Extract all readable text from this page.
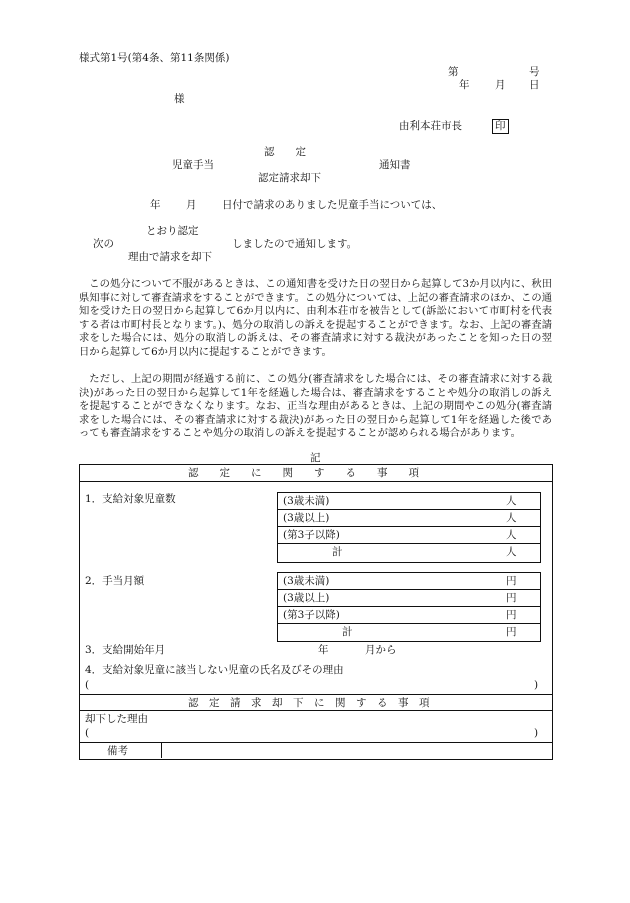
様式第1号(第4条、第11条関係)
第	号
年 月 日
様
由利本荘市長	印
認　　定
児童手当	通知書
認定請求却下
年 月 日付で請求のありました児童手当については、
とおり認定
次の	しましたので通知します。
理由で請求を却下
この処分について不服があるときは、この通知書を受けた日の翌日から起算して3か月以内に、秋田県知事に対して審査請求をすることができます。この処分については、上記の審査請求のほか、この通知を受けた日の翌日から起算して6か月以内に、由利本荘市を被告として(訴訟において市町村を代表する者は市町村長となります。)、処分の取消しの訴えを提起することができます。なお、上記の審査請求をした場合には、処分の取消しの訴えは、その審査請求に対する裁決があったことを知った日の翌日から起算して6か月以内に提起することができます。
ただし、上記の期間が経過する前に、この処分(審査請求をした場合には、その審査請求に対する裁決)があった日の翌日から起算して1年を経過した場合は、審査請求をすることや処分の取消しの訴えを提起することができなくなります。なお、正当な理由があるときは、上記の期間やこの処分(審査請求をした場合には、その審査請求に対する裁決)があった日の翌日から起算して1年を経過した後であっても審査請求をすることや処分の取消しの訴えを提起することが認められる場合があります。
記
認　　定　　に　　関　　す　　る　　事　　項
1．支給対象児童数	(3歳未満)	人
(3歳以上)	人
(第3子以降)	人
計	人
2．手当月額	(3歳未満)	円
(3歳以上)	円
(第3子以降)	円
計	円
3．支給開始年月	年	月から
4．支給対象児童に該当しない児童の氏名及びその理由
(	)
認　定　請　求　却　下　に　関　す　る　事　項
却下した理由
(	)
備考
